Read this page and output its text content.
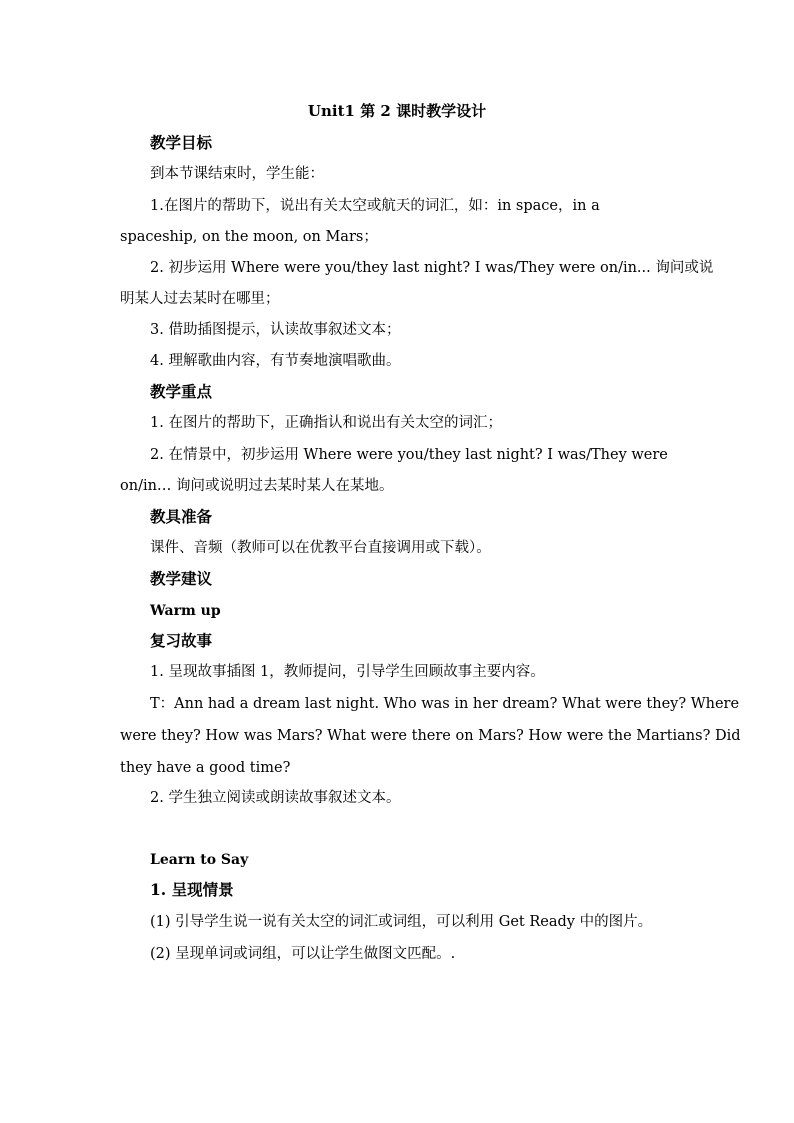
Unit1 第 2 课时教学设计
教学目标
到本节课结束时，学生能：
1.在图片的帮助下，说出有关太空或航天的词汇，如：in space，in a
spaceship, on the moon, on Mars；
2. 初步运用 Where were you/they last night? I was/They were on/in... 询问或说
明某人过去某时在哪里；
3. 借助插图提示，认读故事叙述文本；
4. 理解歌曲内容，有节奏地演唱歌曲。
教学重点
1. 在图片的帮助下，正确指认和说出有关太空的词汇；
2. 在情景中，初步运用 Where were you/they last night? I was/They were
on/in… 询问或说明过去某时某人在某地。
教具准备
课件、音频（教师可以在优教平台直接调用或下载）。
教学建议
Warm up
复习故事
1. 呈现故事插图 1，教师提问，引导学生回顾故事主要内容。
T：Ann had a dream last night. Who was in her dream? What were they? Where
were they? How was Mars? What were there on Mars? How were the Martians? Did
they have a good time?
2. 学生独立阅读或朗读故事叙述文本。
Learn to Say
1. 呈现情景
(1) 引导学生说一说有关太空的词汇或词组，可以利用 Get Ready 中的图片。
(2) 呈现单词或词组，可以让学生做图文匹配。.
